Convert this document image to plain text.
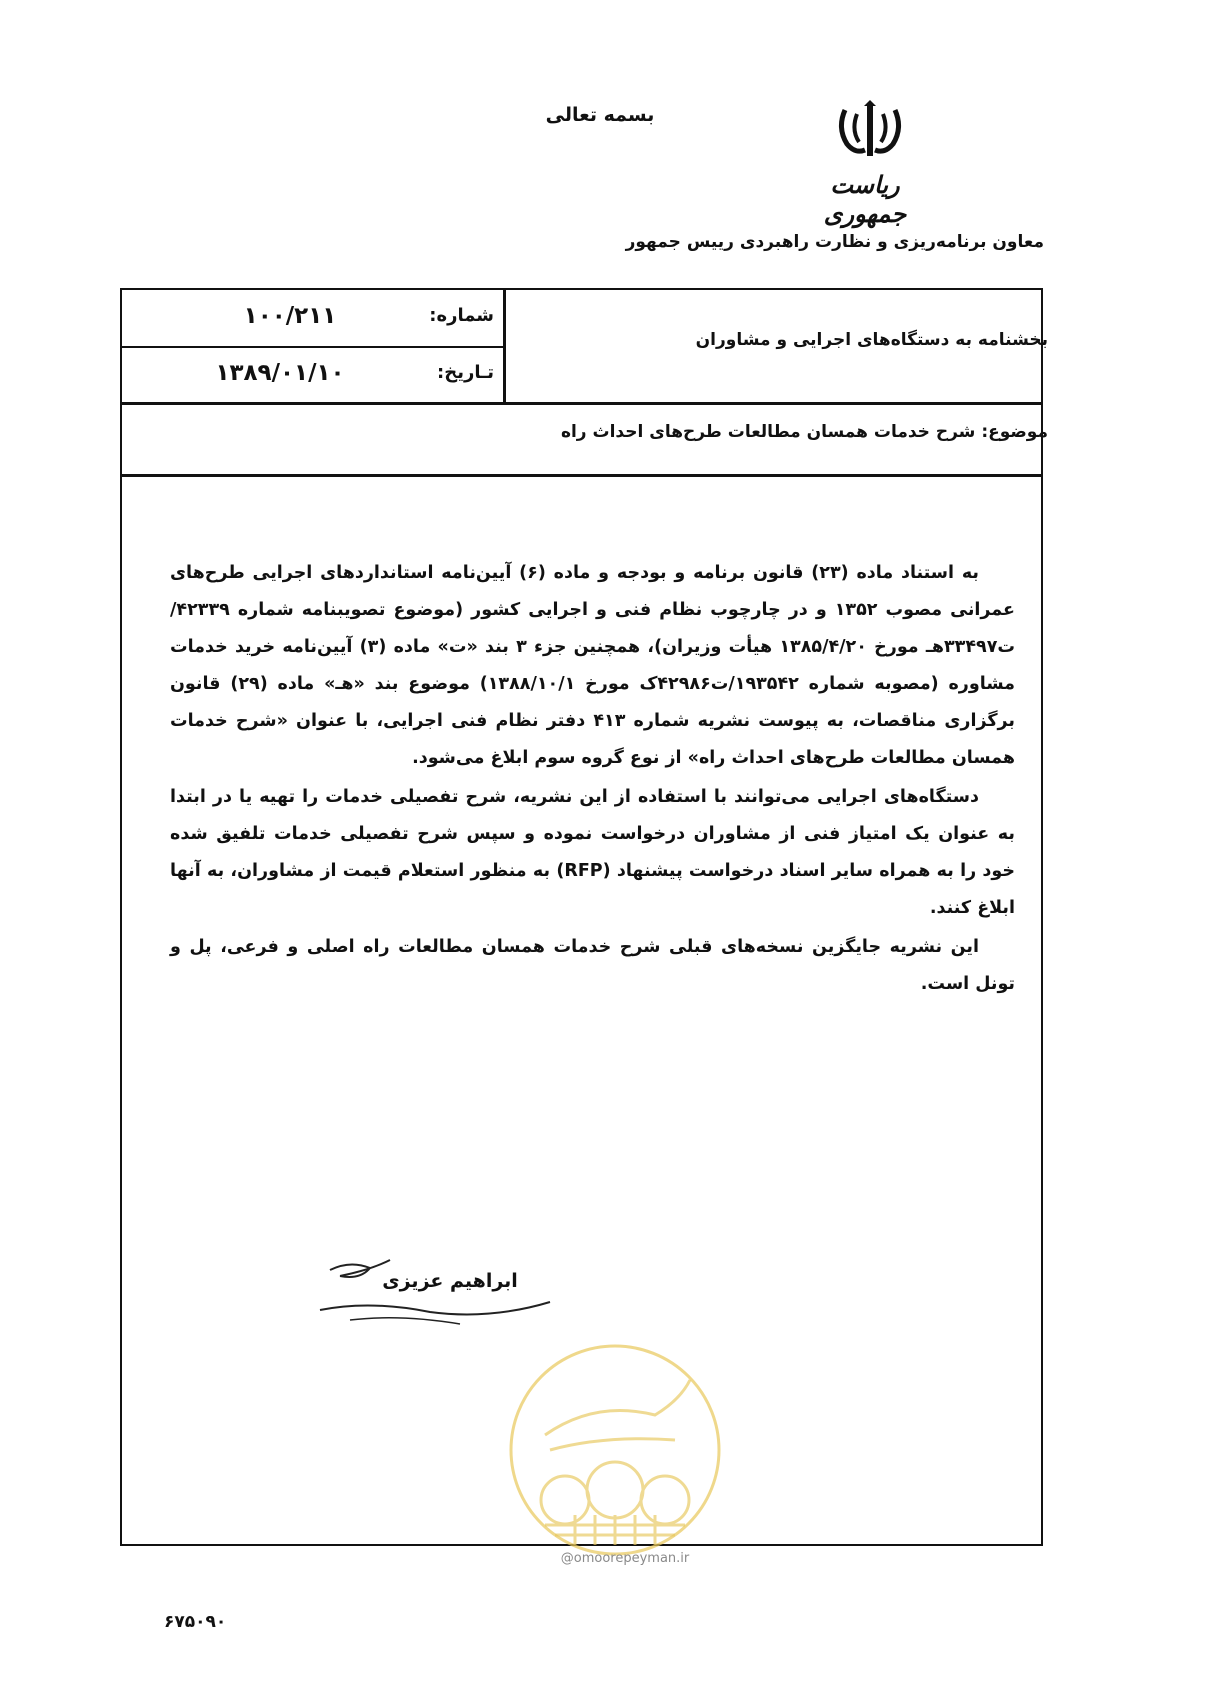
بسمه تعالی
ریاست جمهوری
معاون برنامه‌ریزی و نظارت راهبردی رییس جمهور
شماره:
۱۰۰/۲۱۱
تـاریخ:
۱۳۸۹/۰۱/۱۰
بخشنامه به دستگاه‌های اجرایی و مشاوران
موضوع: شرح خدمات همسان مطالعات طرح‌های احداث راه

به استناد ماده (۲۳) قانون برنامه و بودجه و ماده (۶) آیین‌نامه استانداردهای اجرایی طرح‌های عمرانی مصوب ۱۳۵۲ و در چارچوب نظام فنی و اجرایی کشور (موضوع تصویبنامه شماره ۴۲۳۳۹/ت۳۳۴۹۷هـ مورخ ۱۳۸۵/۴/۲۰ هیأت وزیران)، همچنین جزء ۳ بند «ت» ماده (۳) آیین‌نامه خرید خدمات مشاوره (مصوبه شماره ۱۹۳۵۴۲/ت۴۲۹۸۶ک مورخ ۱۳۸۸/۱۰/۱) موضوع بند «هـ» ماده (۲۹) قانون برگزاری مناقصات، به پیوست نشریه شماره ۴۱۳ دفتر نظام فنی اجرایی، با عنوان «شرح خدمات همسان مطالعات طرح‌های احداث راه» از نوع گروه سوم ابلاغ می‌شود.

دستگاه‌های اجرایی می‌توانند با استفاده از این نشریه، شرح تفصیلی خدمات را تهیه یا در ابتدا به عنوان یک امتیاز فنی از مشاوران درخواست نموده و سپس شرح تفصیلی خدمات تلفیق شده خود را به همراه سایر اسناد درخواست پیشنهاد (RFP) به منظور استعلام قیمت از مشاوران، به آنها ابلاغ کنند.

این نشریه جایگزین نسخه‌های قبلی شرح خدمات همسان مطالعات راه اصلی و فرعی، پل و تونل است.

ابراهیم عزیزی
@omoorepeyman.ir
۶۷۵۰۹۰
